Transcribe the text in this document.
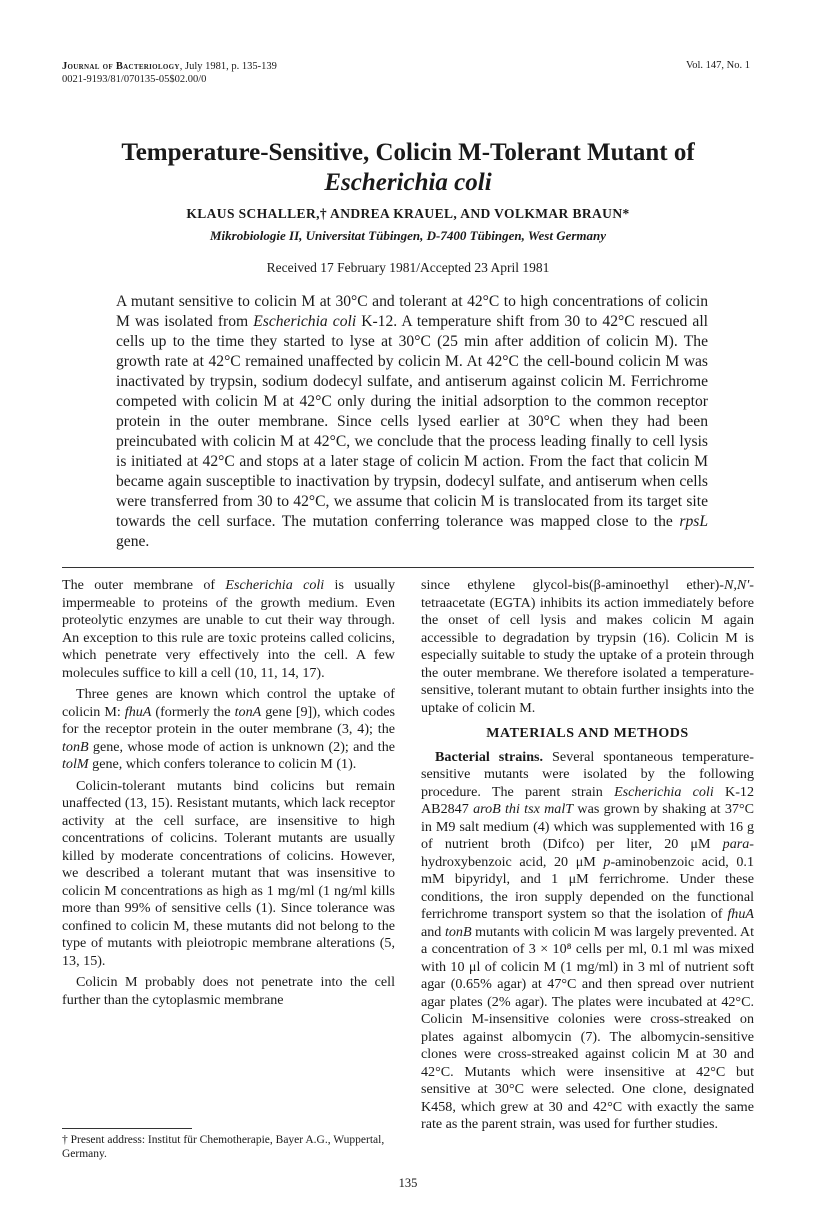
Journal of Bacteriology, July 1981, p. 135-139
0021-9193/81/070135-05$02.00/0
Vol. 147, No. 1
Temperature-Sensitive, Colicin M-Tolerant Mutant of
Escherichia coli
KLAUS SCHALLER,† ANDREA KRAUEL, AND VOLKMAR BRAUN*
Mikrobiologie II, Universitat Tübingen, D-7400 Tübingen, West Germany
Received 17 February 1981/Accepted 23 April 1981
A mutant sensitive to colicin M at 30°C and tolerant at 42°C to high concentrations of colicin M was isolated from Escherichia coli K-12. A temperature shift from 30 to 42°C rescued all cells up to the time they started to lyse at 30°C (25 min after addition of colicin M). The growth rate at 42°C remained unaffected by colicin M. At 42°C the cell-bound colicin M was inactivated by trypsin, sodium dodecyl sulfate, and antiserum against colicin M. Ferrichrome competed with colicin M at 42°C only during the initial adsorption to the common receptor protein in the outer membrane. Since cells lysed earlier at 30°C when they had been preincubated with colicin M at 42°C, we conclude that the process leading finally to cell lysis is initiated at 42°C and stops at a later stage of colicin M action. From the fact that colicin M became again susceptible to inactivation by trypsin, dodecyl sulfate, and antiserum when cells were transferred from 30 to 42°C, we assume that colicin M is translocated from its target site towards the cell surface. The mutation conferring tolerance was mapped close to the rpsL gene.

The outer membrane of Escherichia coli is usually impermeable to proteins of the growth medium. Even proteolytic enzymes are unable to cut their way through. An exception to this rule are toxic proteins called colicins, which penetrate very effectively into the cell. A few molecules suffice to kill a cell (10, 11, 14, 17).

Three genes are known which control the uptake of colicin M: fhuA (formerly the tonA gene [9]), which codes for the receptor protein in the outer membrane (3, 4); the tonB gene, whose mode of action is unknown (2); and the tolM gene, which confers tolerance to colicin M (1).

Colicin-tolerant mutants bind colicins but remain unaffected (13, 15). Resistant mutants, which lack receptor activity at the cell surface, are insensitive to high concentrations of colicins. Tolerant mutants are usually killed by moderate concentrations of colicins. However, we described a tolerant mutant that was insensitive to colicin M concentrations as high as 1 mg/ml (1 ng/ml kills more than 99% of sensitive cells (1). Since tolerance was confined to colicin M, these mutants did not belong to the type of mutants with pleiotropic membrane alterations (5, 13, 15).

Colicin M probably does not penetrate into the cell further than the cytoplasmic membrane

since ethylene glycol-bis(β-aminoethyl ether)-N,N'-tetraacetate (EGTA) inhibits its action immediately before the onset of cell lysis and makes colicin M again accessible to degradation by trypsin (16). Colicin M is especially suitable to study the uptake of a protein through the outer membrane. We therefore isolated a temperature-sensitive, tolerant mutant to obtain further insights into the uptake of colicin M.

MATERIALS AND METHODS

Bacterial strains. Several spontaneous temperature-sensitive mutants were isolated by the following procedure. The parent strain Escherichia coli K-12 AB2847 aroB thi tsx malT was grown by shaking at 37°C in M9 salt medium (4) which was supplemented with 16 g of nutrient broth (Difco) per liter, 20 μM para-hydroxybenzoic acid, 20 μM p-aminobenzoic acid, 0.1 mM bipyridyl, and 1 μM ferrichrome. Under these conditions, the iron supply depended on the functional ferrichrome transport system so that the isolation of fhuA and tonB mutants with colicin M was largely prevented. At a concentration of 3 × 10⁸ cells per ml, 0.1 ml was mixed with 10 μl of colicin M (1 mg/ml) in 3 ml of nutrient soft agar (0.65% agar) at 47°C and then spread over nutrient agar plates (2% agar). The plates were incubated at 42°C. Colicin M-insensitive colonies were cross-streaked on plates against albomycin (7). The albomycin-sensitive clones were cross-streaked against colicin M at 30 and 42°C. Mutants which were insensitive at 42°C but sensitive at 30°C were selected. One clone, designated K458, which grew at 30 and 42°C with exactly the same rate as the parent strain, was used for further studies.

† Present address: Institut für Chemotherapie, Bayer A.G., Wuppertal, Germany.
135
